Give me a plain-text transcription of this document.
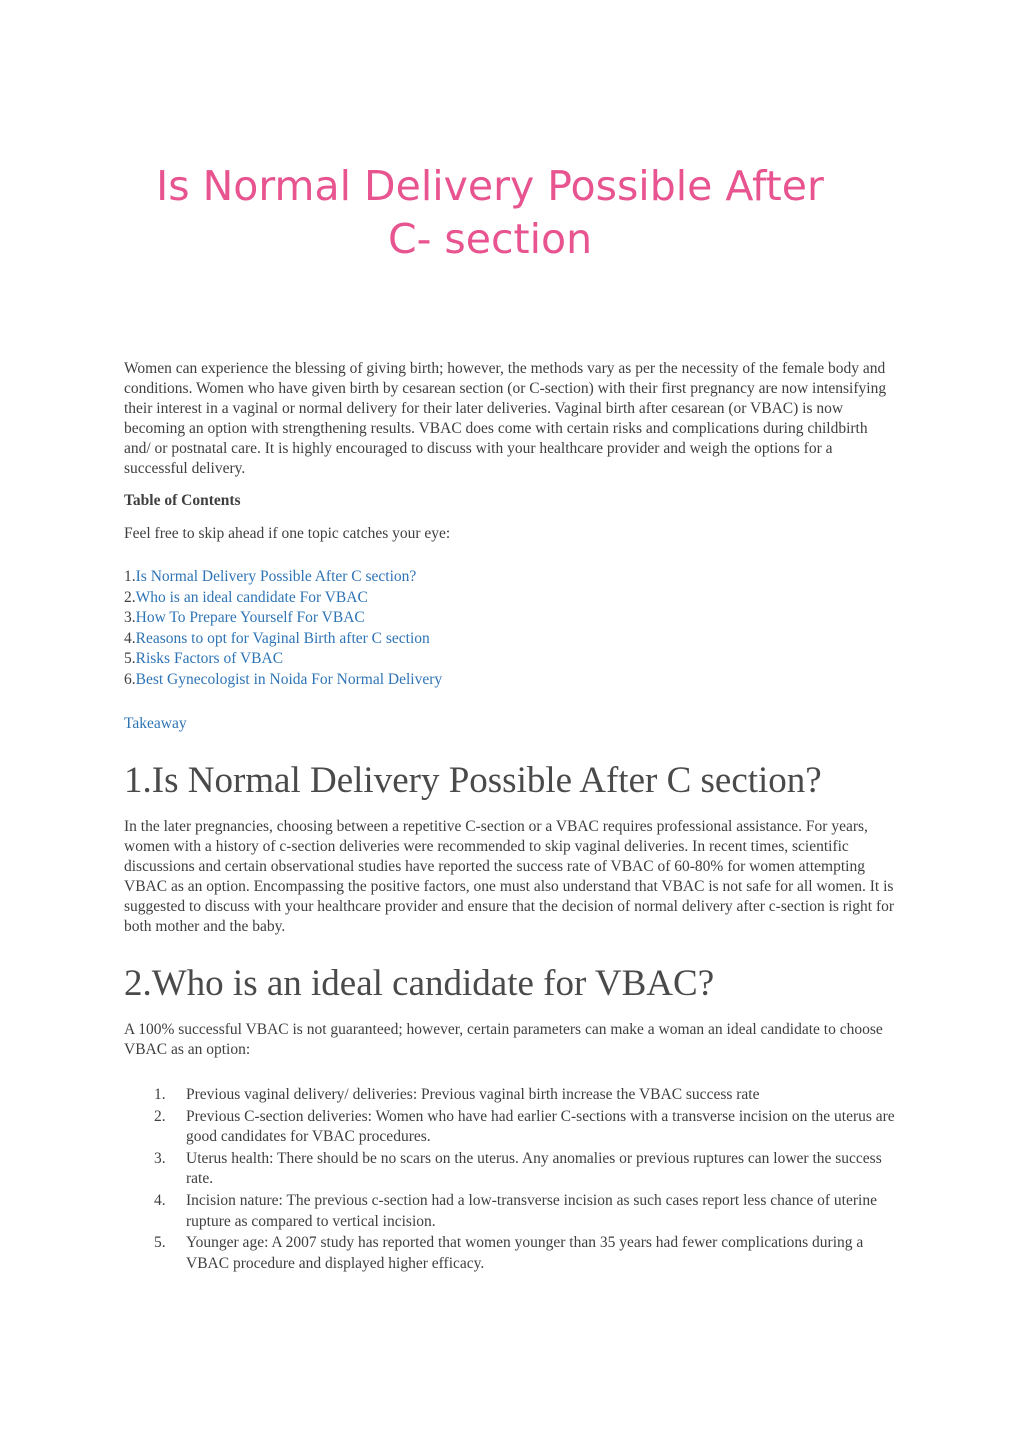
Is Normal Delivery Possible After
C- section

Women can experience the blessing of giving birth; however, the methods vary as per the necessity of the female body and conditions. Women who have given birth by cesarean section (or C-section) with their first pregnancy are now intensifying their interest in a vaginal or normal delivery for their later deliveries. Vaginal birth after cesarean (or VBAC) is now becoming an option with strengthening results. VBAC does come with certain risks and complications during childbirth and/ or postnatal care. It is highly encouraged to discuss with your healthcare provider and weigh the options for a successful delivery.

Table of Contents

Feel free to skip ahead if one topic catches your eye:

1.Is Normal Delivery Possible After C section?
2.Who is an ideal candidate For VBAC
3.How To Prepare Yourself For VBAC
4.Reasons to opt for Vaginal Birth after C section
5.Risks Factors of VBAC
6.Best Gynecologist in Noida For Normal Delivery
Takeaway
1.Is Normal Delivery Possible After C section?

In the later pregnancies, choosing between a repetitive C-section or a VBAC requires professional assistance. For years, women with a history of c-section deliveries were recommended to skip vaginal deliveries. In recent times, scientific discussions and certain observational studies have reported the success rate of VBAC of 60-80% for women attempting VBAC as an option. Encompassing the positive factors, one must also understand that VBAC is not safe for all women. It is suggested to discuss with your healthcare provider and ensure that the decision of normal delivery after c-section is right for both mother and the baby.

2.Who is an ideal candidate for VBAC?

A 100% successful VBAC is not guaranteed; however, certain parameters can make a woman an ideal candidate to choose VBAC as an option:

1. Previous vaginal delivery/ deliveries: Previous vaginal birth increase the VBAC success rate
2. Previous C-section deliveries: Women who have had earlier C-sections with a transverse incision on the uterus are good candidates for VBAC procedures.
3. Uterus health: There should be no scars on the uterus. Any anomalies or previous ruptures can lower the success rate.
4. Incision nature: The previous c-section had a low-transverse incision as such cases report less chance of uterine rupture as compared to vertical incision.
5. Younger age: A 2007 study has reported that women younger than 35 years had fewer complications during a VBAC procedure and displayed higher efficacy.
